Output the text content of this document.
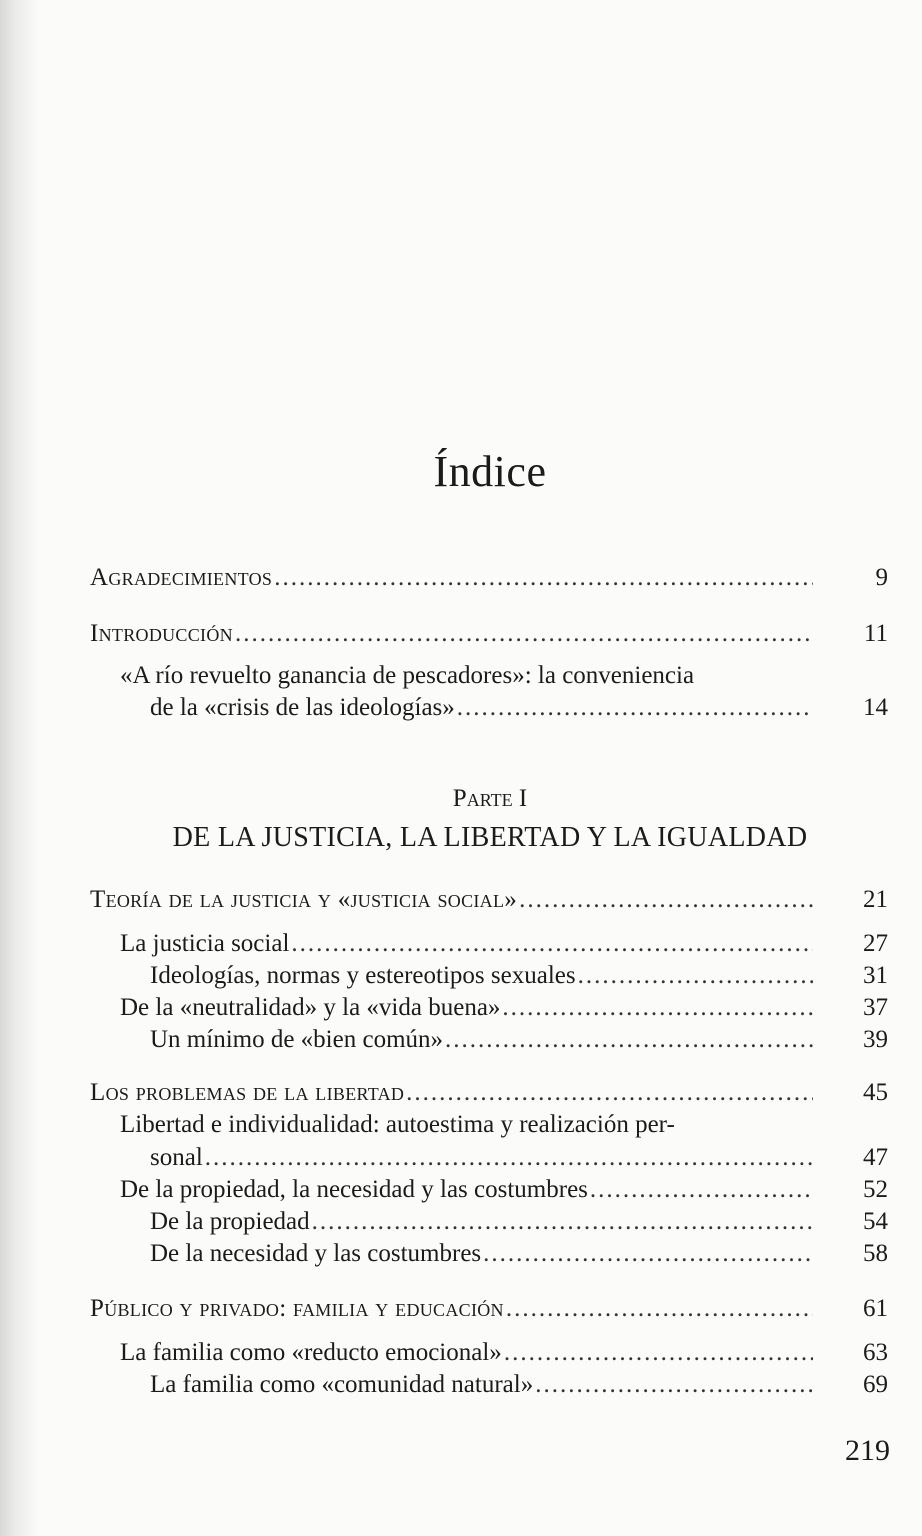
Índice
Agradecimientos .....	9
Introducción .....	11
«A río revuelto ganancia de pescadores»: la conveniencia
de la «crisis de las ideologías» .....	14
Parte I
DE LA JUSTICIA, LA LIBERTAD Y LA IGUALDAD
Teoría de la justicia y «justicia social» .....	21
La justicia social .....	27
Ideologías, normas y estereotipos sexuales .....	31
De la «neutralidad» y la «vida buena» .....	37
Un mínimo de «bien común» .....	39
Los problemas de la libertad .....	45
Libertad e individualidad: autoestima y realización per-
sonal .....	47
De la propiedad, la necesidad y las costumbres .....	52
De la propiedad .....	54
De la necesidad y las costumbres .....	58
Público y privado: familia y educación .....	61
La familia como «reducto emocional» .....	63
La familia como «comunidad natural» .....	69
219
